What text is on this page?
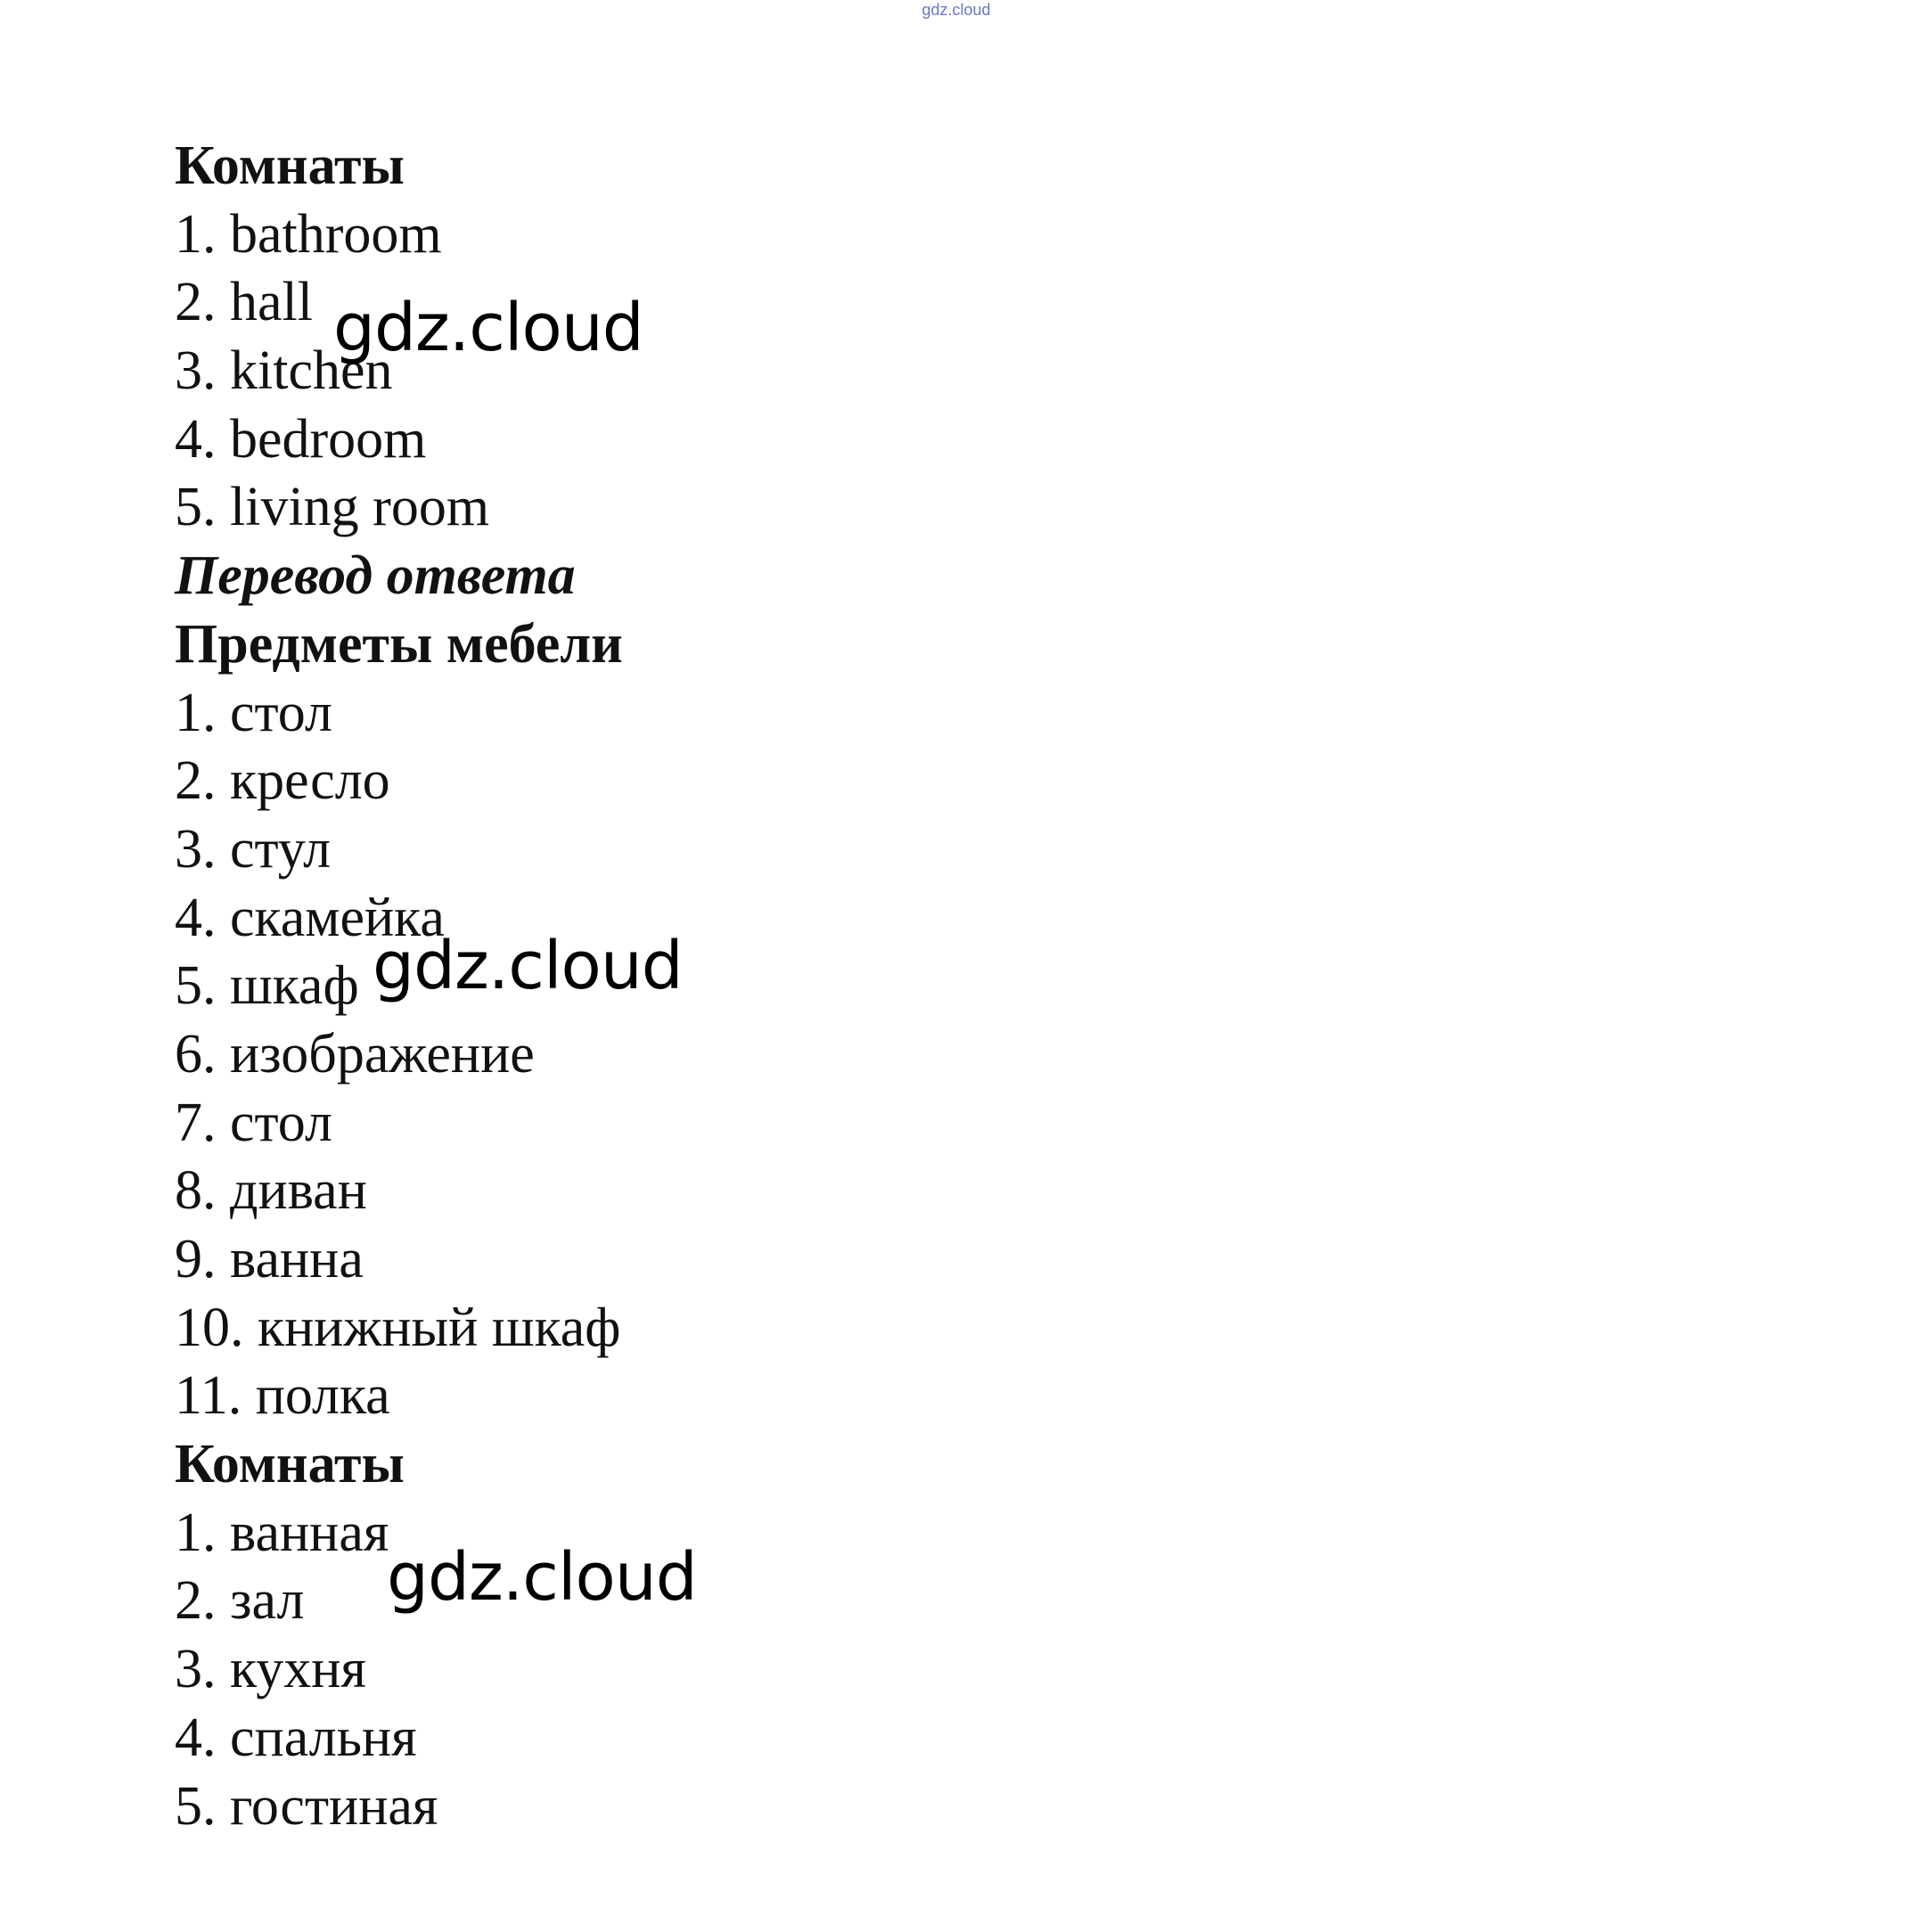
gdz.cloud
Комнаты
1. bathroom
2. hall
3. kitchen
4. bedroom
5. living room
Перевод ответа
Предметы мебели
1. стол
2. кресло
3. стул
4. скамейка
5. шкаф
6. изображение
7. стол
8. диван
9. ванна
10. книжный шкаф
11. полка
Комнаты
1. ванная
2. зал
3. кухня
4. спальня
5. гостиная
gdz.cloud
gdz.cloud
gdz.cloud
